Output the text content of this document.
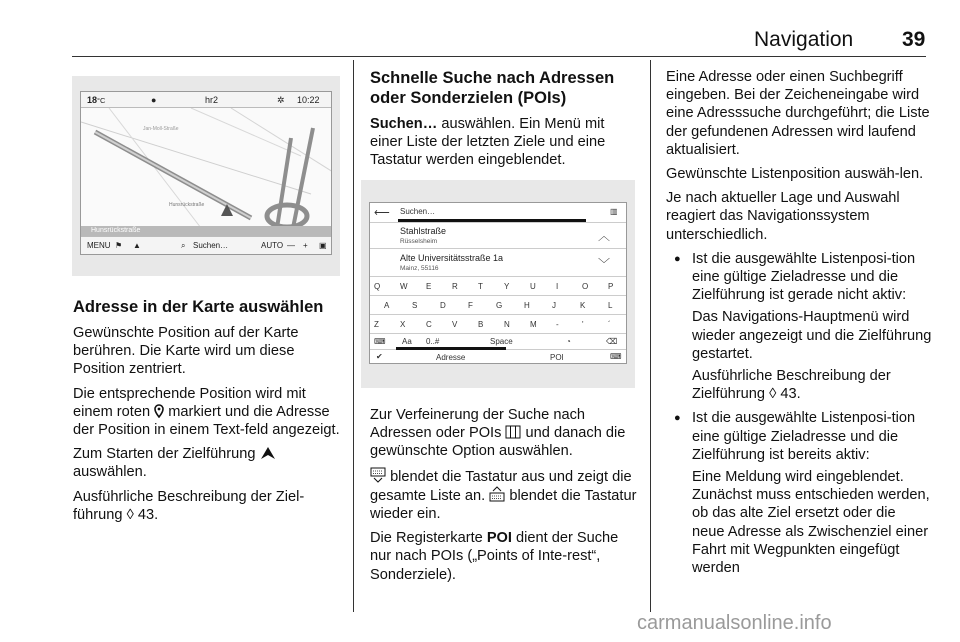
Navigation 39
18°C	●	hr2	✲ 10:22
Jan-Moll-Straße
Hunsrückstraße
Hunsrückstraße
MENU ⚑ ▲	⌕ Suchen…	AUTO — + ▣
Adresse in der Karte auswählen

Gewünschte Position auf der Karte berühren. Die Karte wird um diese Position zentriert.

Die entsprechende Position wird mit einem roten markiert und die Adresse der Position in einem Text‐feld angezeigt.

Zum Starten der Zielführung
auswählen.

Ausführliche Beschreibung der Ziel‐führung ◊ 43.

Schnelle Suche nach Adressen oder Sonderzielen (POIs)

Suchen… auswählen. Ein Menü mit einer Liste der letzten Ziele und eine Tastatur werden eingeblendet.

⟵ Suchen…	▥
Stahlstraße
Rüsselsheim	︿
Alte Universitätsstraße 1a
Mainz, 55116	﹀
Q W E	R	T	Y	U	I	O P
A	S	D	F	G	H	J	K	L
Z	X	C	V	B	N	M -	'	´
⌨ Aa 0..#	Space	◔	⌫
✔	Adresse	POI	⌨

Zur Verfeinerung der Suche nach Adressen oder POIs und danach die gewünschte Option auswählen.

blendet die Tastatur aus und zeigt die gesamte Liste an. blendet die Tastatur wieder ein.

Die Registerkarte POI dient der Suche nur nach POIs („Points of Inte‐rest“, Sonderziele).

Eine Adresse oder einen Suchbegriff eingeben. Bei der Zeicheneingabe wird eine Adresssuche durchgeführt; die Liste der gefundenen Adressen wird laufend aktualisiert.

Gewünschte Listenposition auswäh‐len.

Je nach aktueller Lage und Auswahl reagiert das Navigationssystem unterschiedlich.

● Ist die ausgewählte Listenposi‐tion eine gültige Zieladresse und die Zielführung ist gerade nicht aktiv:

Das Navigations-Hauptmenü wird wieder angezeigt und die Zielführung gestartet.

Ausführliche Beschreibung der Zielführung ◊ 43.

● Ist die ausgewählte Listenposi‐tion eine gültige Zieladresse und die Zielführung ist bereits aktiv:

Eine Meldung wird eingeblendet. Zunächst muss entschieden werden, ob das alte Ziel ersetzt oder die neue Adresse als Zwischenziel einer Fahrt mit Wegpunkten eingefügt werden

carmanualsonline.info
